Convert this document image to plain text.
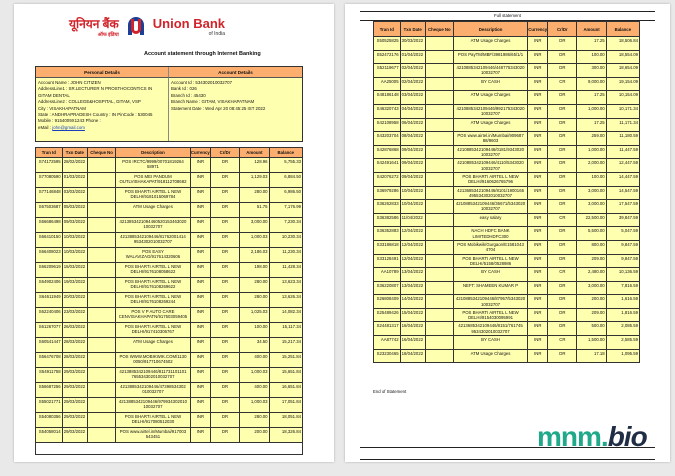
यूनियन बैंक
ऑफ इंडिया
Union Bank
of India
Account statement through Internet Banking
Personal Details	Account Details
Account Name : JOHN CITIZEN
AddressLine1 : SR.LECTURER N PROSTHOCONTICS IN GITAM DENTAL
AddressLine2 : COLLEGE&HOSPITAL, GITAM, VSP
City : VISAKHAPATNAM
State : ANDHRAPRADESH Country : IN PinCode : 530045
Mobile : 9154009X1243 Phone :
eMail : john@gmail.com
Account Id : 534302010032707
Bank Id : 026
Branch Id : 45430
Branch Name : GITAM, VISAKHAPATNAM
Statement Date : Wed Apr 20 08:45:25 IST 2022
Tran Id	Txn Date	Cheque No	Description	Currency	Cr/Dr	Amount	Balance
S74172595	28/02/2022		POS IRCTC/9999/00701819264 58971	INR	DR	128.96	5,755.33
S77080590	01/03/2022		POS MEI PANDUM OUTLVISHAKAPAT/918112708682	INR	DR	1,129.03	6,884.50
S77146848	03/03/2022		POS BHARTI AIRTEL L NEW DELHI/9181015069784	INR	DR	280.00	6,986.50
S67503687	05/03/2022		ATM Usage Charges	INR	DR	51.75	7,176.99
S66686498	09/03/2022		4213853421094460520153463020 10032707	INR	DR	3,000.00	7,230.34
S66410150	10/03/2022		4213885342109446/81762001414 9534302010032707	INR	DR	1,000.03	10,230.34
S66408023	10/03/2022		POS EASY WALAVIZAG/917614320606	INR	DR	2,186.03	11,230.34
S66209619	15/03/2022		POS BHARTI AIRTEL L NEW DELHI/9176108058622	INR	DR	198.00	11,428.34
S64902406	19/03/2022		POS BHARTI AIRTEL L NEW DELHI/9176108269622	INR	DR	280.00	13,623.34
S64611949	20/03/2022		POS BHARTI AIRTEL L NEW DELHI/9176108269244	INR	DR	280.00	13,626.34
S62240406	23/03/2022		POS V P AUTO CARE CENVISAKHAPATN/917503059405	INR	DR	1,025.03	14,082.34
S61267077	26/03/2022		POS BHARTI AIRTEL L NEW DELHI/917410306767	INR	DR	100.00	15,117.34
S60541447	28/03/2022		ATM Usage Charges	INR	DR	34.50	15,217.34
S56476708	28/03/2022		POS WWW.MOBIKWIK.COM/1130 0050/917710674502	INR	DR	400.00	15,251.84
S54911758	29/03/2022		4213885342109446/811731101101 765534302010032707	INR	DR	1,000.03	15,651.84
S56687256	29/03/2022		4213885342109446/47398534302 010032707	INR	DR	400.00	16,651.84
S55021771	29/03/2022		4213885342109446/979934302010 10032707	INR	DR	1,000.03	17,051.84
S54080356	29/03/2022		POS BHARTI AIRTEL L NEW DELHI/917080512030	INR	DR	280.00	18,051.84
S54058014	29/03/2022		POS www.airtel.in/Mumbai/917003 543451	INR	DR	200.00	18,326.84
Full statement
Tran Id	Txn Date	Cheque No	Description	Currency	Cr/Dr	Amount	Balance
S50525825	30/03/2022		ATM Usage Charges	INR	DR	17.25	18,506.84
S52472176	01/04/2022		POS PayTM/MBF/3981986/65/1/1	INR	DR	100.00	18,554.09
S52119677	02/04/2022		4210885342109446/448775343020 10032707	INR	DR	300.00	18,654.09
AA25005	02/04/2022		BY CASH	INR	CR	9,000.00	19,154.09
S48186148	03/04/2022		ATM Usage Charges	INR	DR	17.25	10,154.09
S46320743	04/04/2022		4210885342109446/992175343020 10032707	INR	DR	1,000.00	10,171.34
S42108958	06/04/2022		ATM Usage Charges	INR	DR	17.25	11,171.34
S43203704	08/04/2022		POS www.airtel.in/Mumbai/909687 88/9603	INR	DR	259.00	11,180.59
S42876868	09/04/2022		4210885342109446/0181/9343020 10032707	INR	DR	1,000.00	11,447.59
S42491641	09/04/2022		4210885342109446/4110/5343020 10032707	INR	DR	2,000.00	12,447.59
S42076272	09/04/2022		POS BHARTI AIRTEL L NEW DELHI/9160626765796	INR	DR	100.00	14,447.59
S36979286	10/04/2022		4213685342109446/8101/1900165 495534302010032707	INR	DR	3,000.00	14,547.59
S36262833	10/04/2022		4210885342109446/36671/5343020 10032707	INR	DR	3,000.00	17,547.59
S36382586	11/04/2022		easy salary	INR	CR	22,500.00	39,847.59
S36352883	12/04/2022		NACH HDFC BANK LIMITEDHDFC300	INR	DR	5,500.00	5,047.59
S33186818	12/04/2022		POS Mobikwik/Gurgaon/E1581043 4704	INR	DR	800.00	9,847.59
S33128491	12/04/2022		POS BHARTI AIRTEL L NEW DELHI/5158/0528986	INR	DR	209.00	9,847.59
AA10789	13/04/2022		BY CASH	INR	CR	2,480.00	10,136.59
S36220807	13/04/2022		NEFT: SHAMEEN KUMAR P	INR	DR	3,000.00	7,816.59
S26808409	14/04/2022		4210885342109446/87957/5343020 10032707	INR	DR	200.00	1,616.59
S25489426	15/04/2022		POS BHARTI AIRTEL L NEW DELHI/9154030095991	INR	DR	209.00	1,816.59
S24481317	16/04/2022		4213685342109446/8151/761745 9534302010032707	INR	DR	500.00	2,085.59
AA87742	16/04/2022		BY CASH	INR	CR	1,500.00	2,585.59
S23230465	18/04/2022		ATM Usage Charges	INR	DR	17.18	1,095.59
End of Statement
mnm.bio
